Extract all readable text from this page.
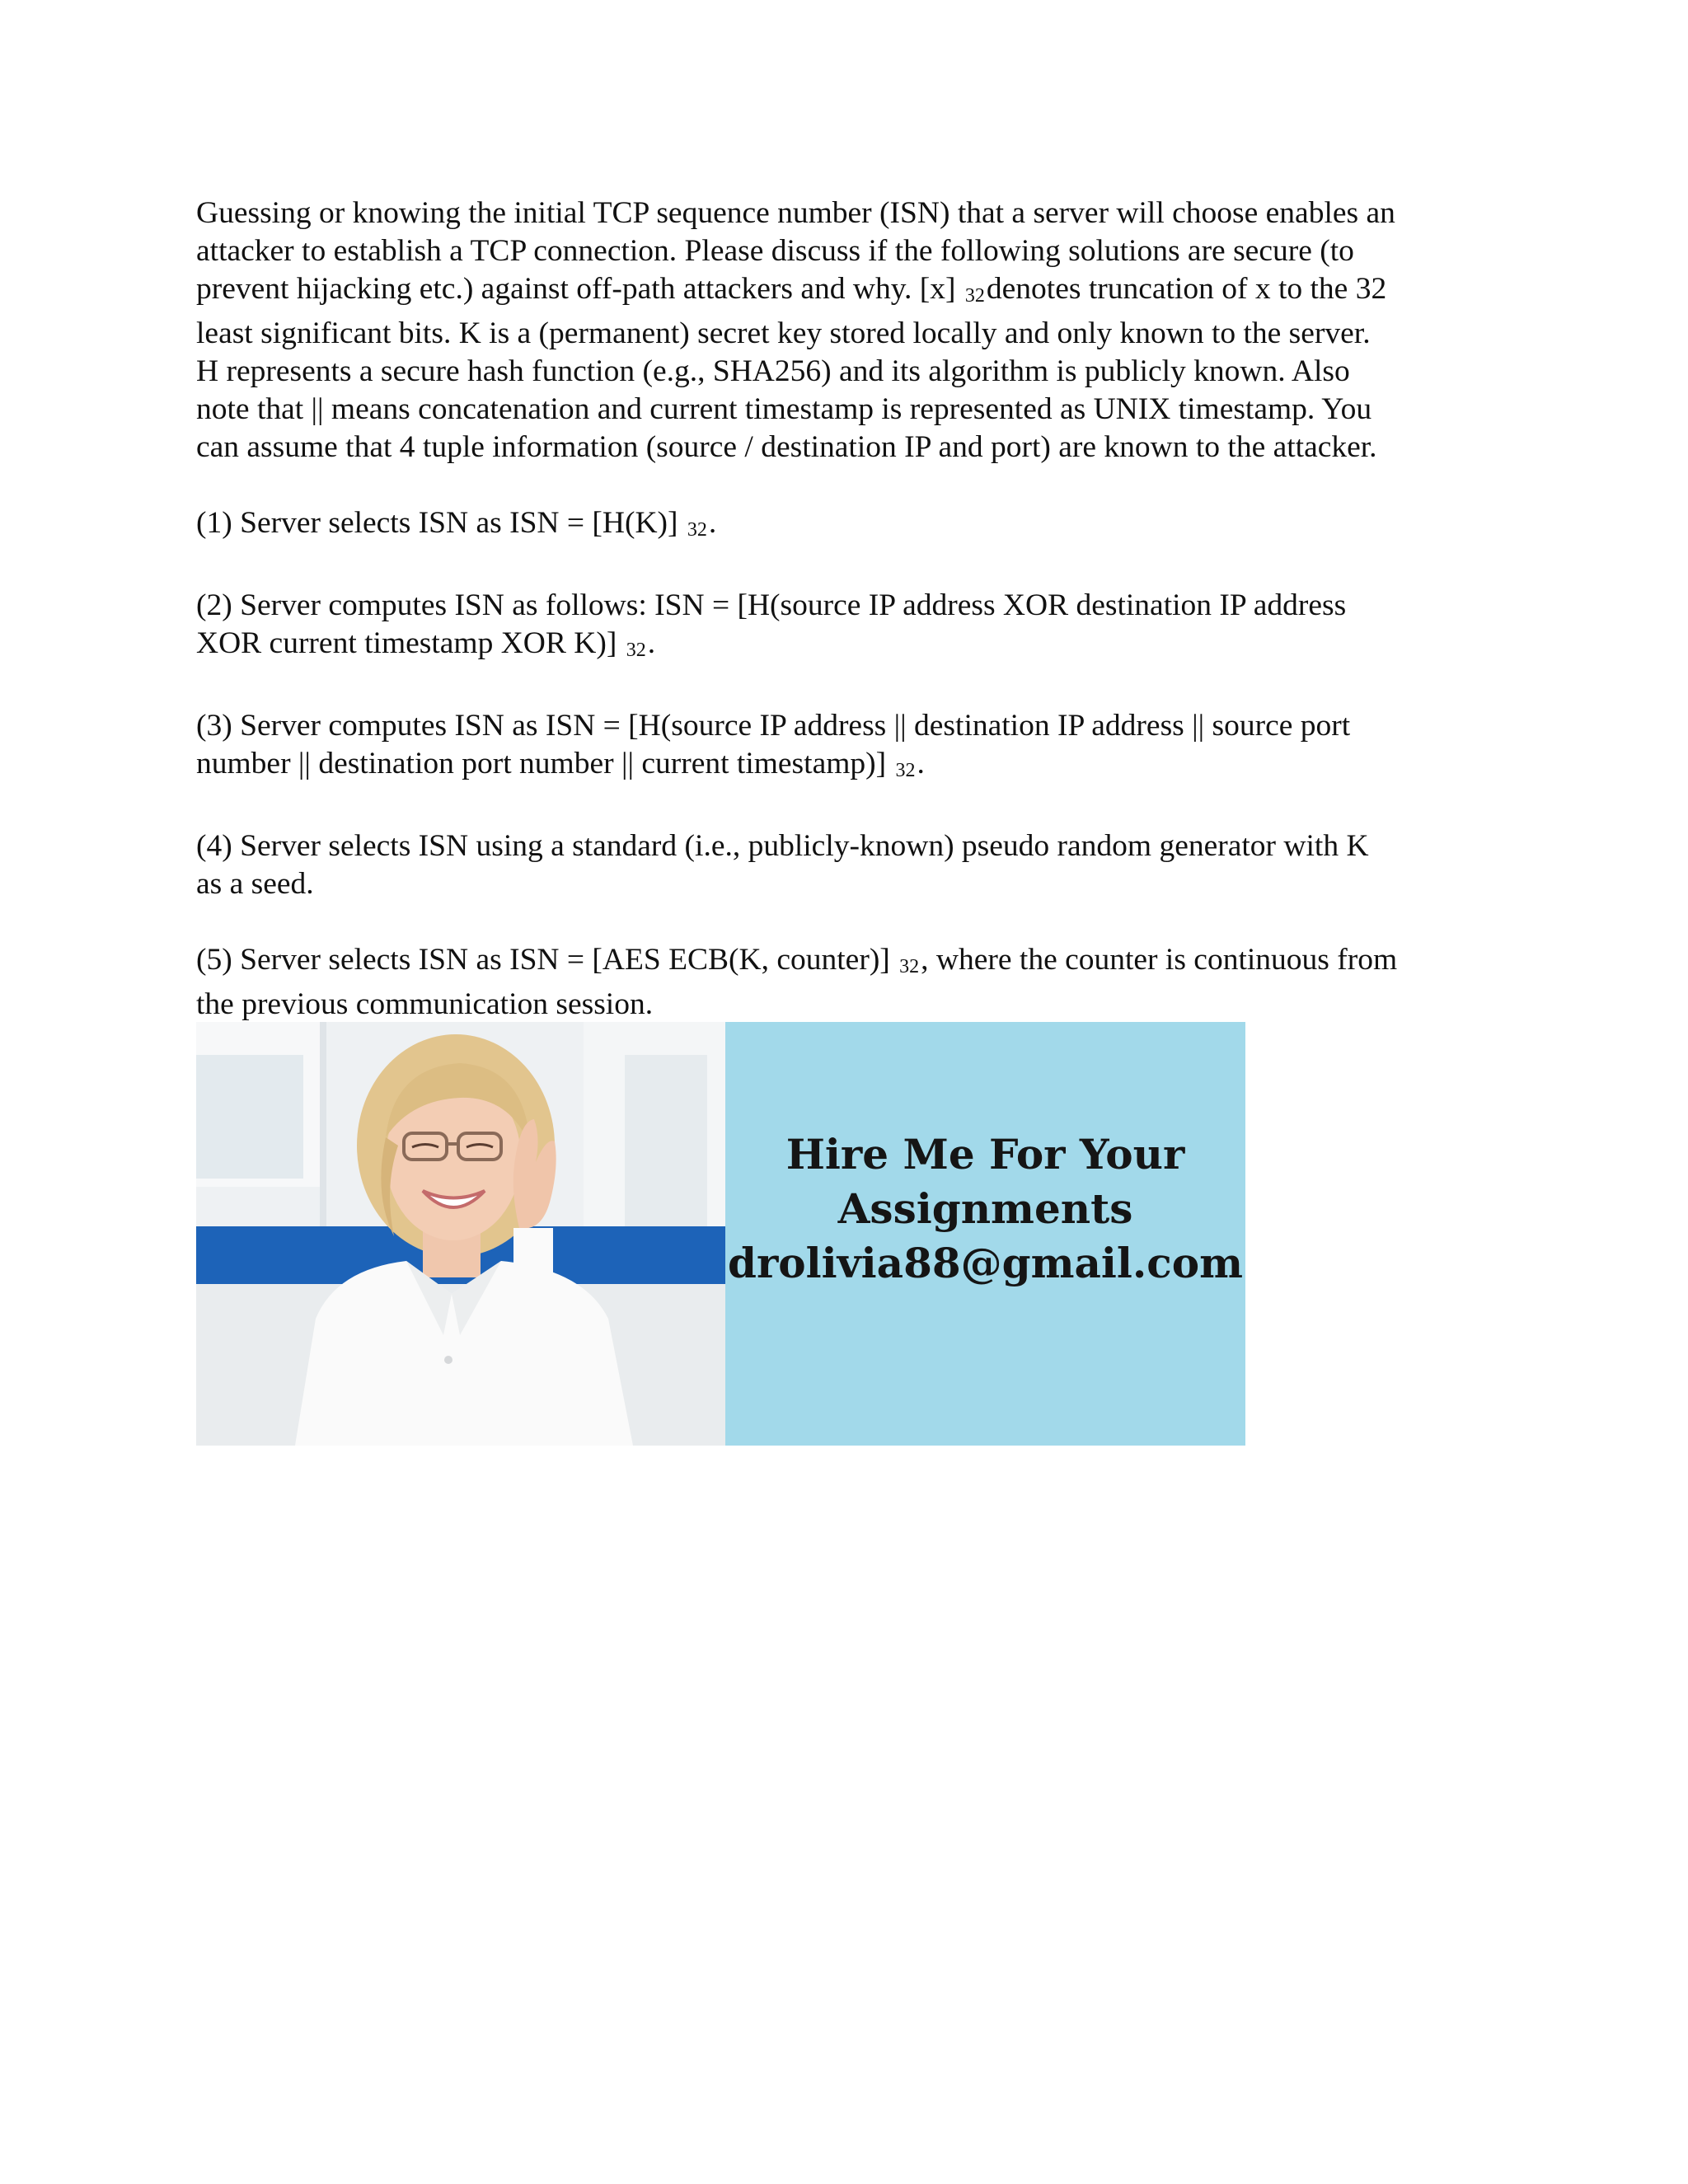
Guessing or knowing the initial TCP sequence number (ISN) that a server will choose enables an
attacker to establish a TCP connection. Please discuss if the following solutions are secure (to
prevent hijacking etc.) against off-path attackers and why. [x] 32denotes truncation of x to the 32
least significant bits. K is a (permanent) secret key stored locally and only known to the server.
H represents a secure hash function (e.g., SHA256) and its algorithm is publicly known. Also
note that || means concatenation and current timestamp is represented as UNIX timestamp. You
can assume that 4 tuple information (source / destination IP and port) are known to the attacker.

(1) Server selects ISN as ISN = [H(K)] 32.

(2) Server computes ISN as follows: ISN = [H(source IP address XOR destination IP address
XOR current timestamp XOR K)] 32.

(3) Server computes ISN as ISN = [H(source IP address || destination IP address || source port
number || destination port number || current timestamp)] 32.

(4) Server selects ISN using a standard (i.e., publicly-known) pseudo random generator with K
as a seed.

(5) Server selects ISN as ISN = [AES ECB(K, counter)] 32, where the counter is continuous from
the previous communication session.

Hire Me For Your
Assignments
drolivia88@gmail.com
